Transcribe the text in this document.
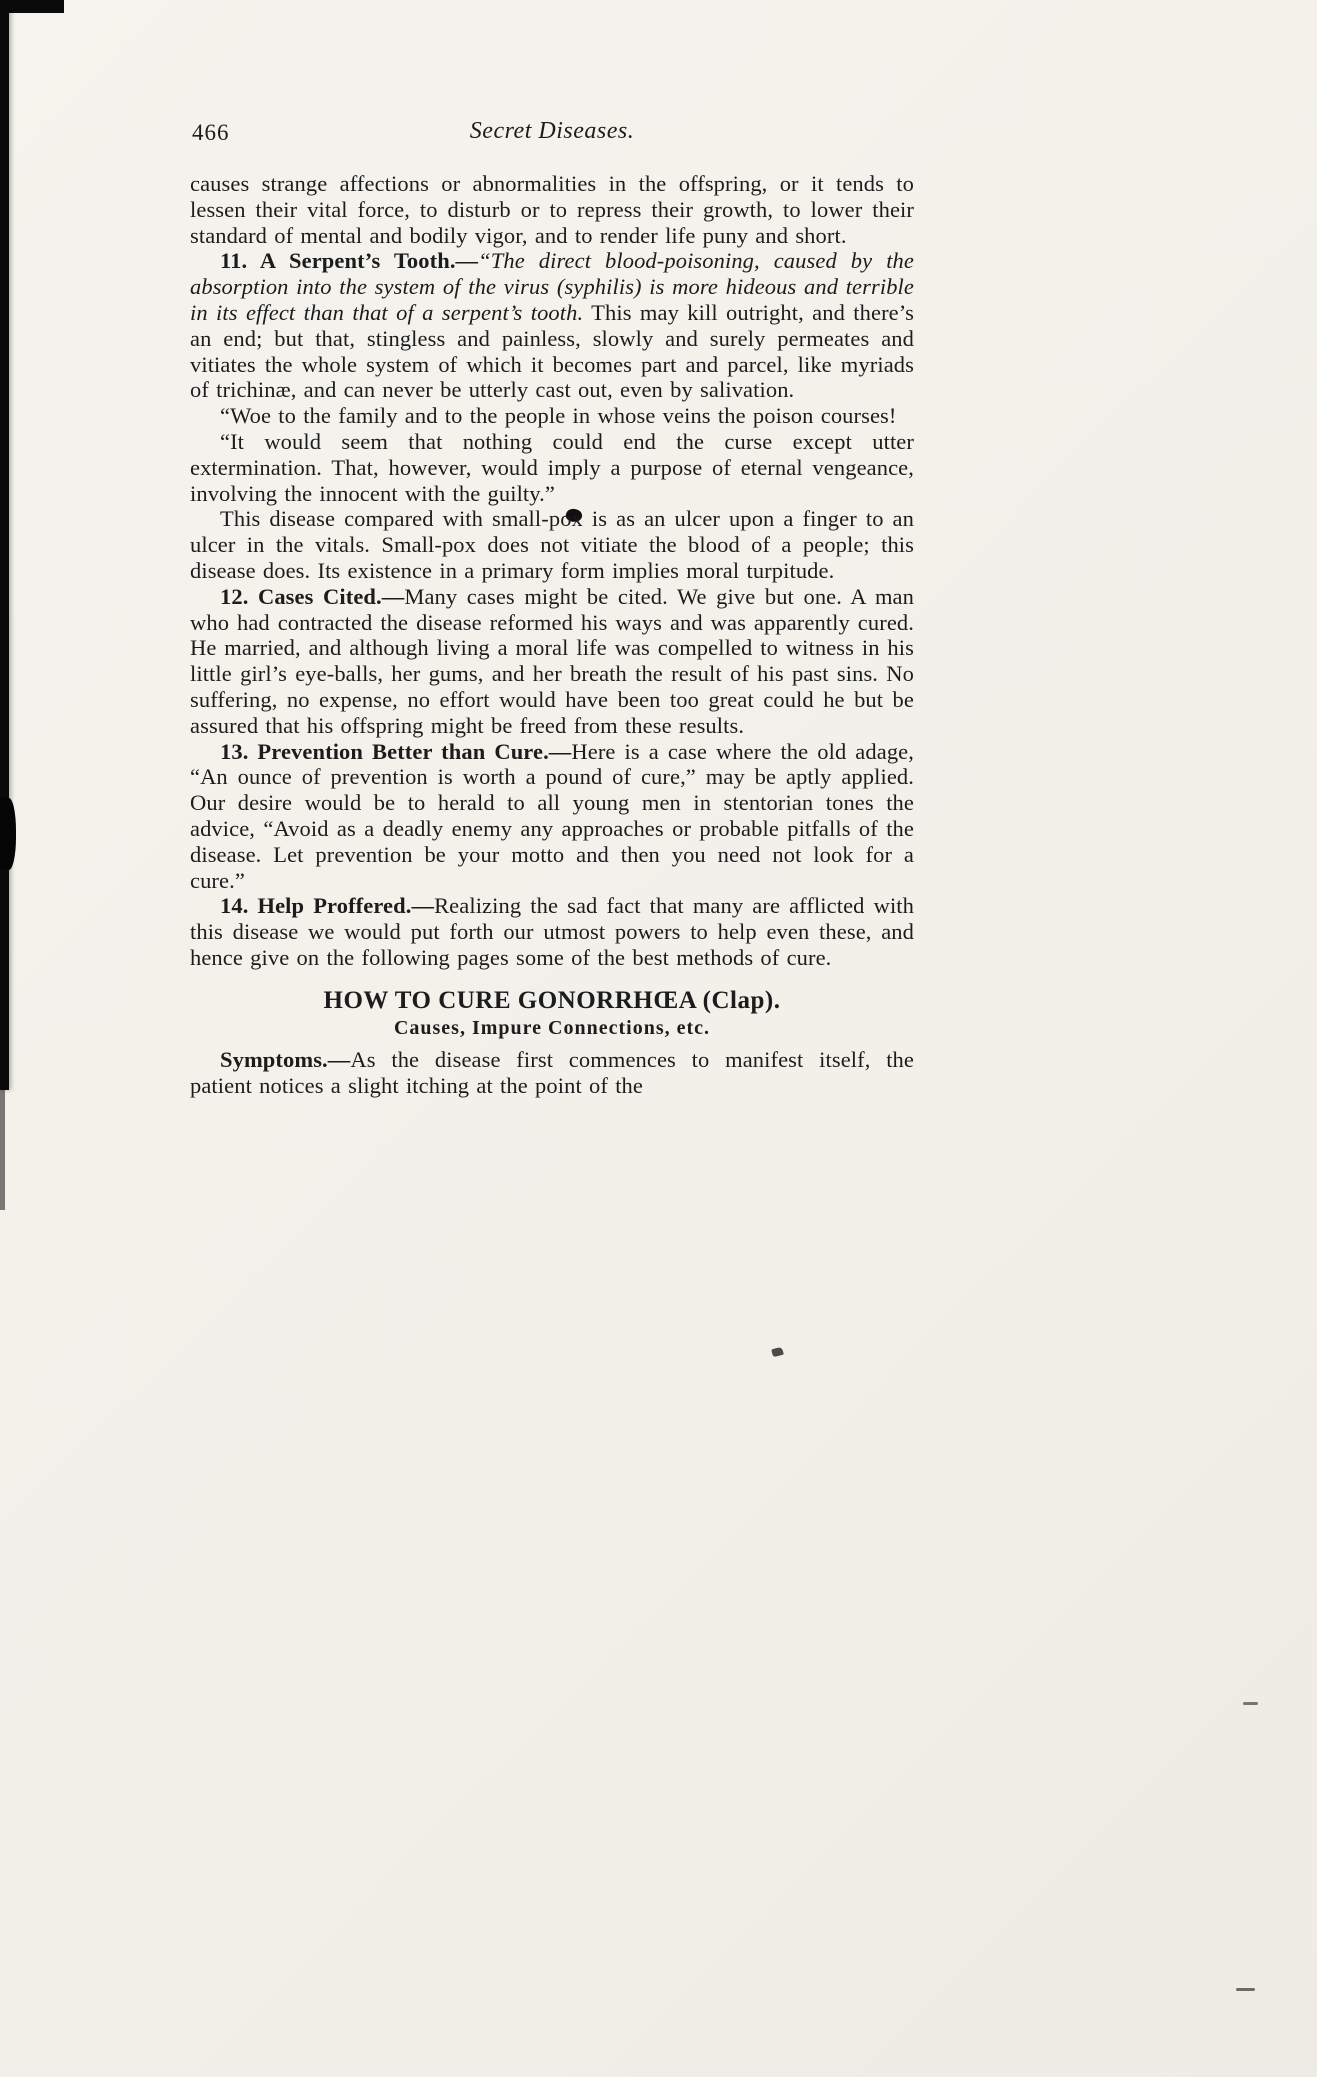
466	Secret Diseases.

causes strange affections or abnormalities in the offspring, or it tends to lessen their vital force, to disturb or to repress their growth, to lower their standard of mental and bodily vigor, and to render life puny and short.

11. A Serpent’s Tooth.—“The direct blood-poisoning, caused by the absorption into the system of the virus (syphilis) is more hideous and terrible in its effect than that of a serpent’s tooth. This may kill outright, and there’s an end; but that, stingless and painless, slowly and surely permeates and vitiates the whole system of which it becomes part and parcel, like myriads of trichinæ, and can never be utterly cast out, even by salivation.

“Woe to the family and to the people in whose veins the poison courses!

“It would seem that nothing could end the curse except utter extermination. That, however, would imply a purpose of eternal vengeance, involving the innocent with the guilty.”

This disease compared with small-pox is as an ulcer upon a finger to an ulcer in the vitals. Small-pox does not vitiate the blood of a people; this disease does. Its existence in a primary form implies moral turpitude.

12. Cases Cited.—Many cases might be cited. We give but one. A man who had contracted the disease reformed his ways and was apparently cured. He married, and although living a moral life was compelled to witness in his little girl’s eye-balls, her gums, and her breath the result of his past sins. No suffering, no expense, no effort would have been too great could he but be assured that his offspring might be freed from these results.

13. Prevention Better than Cure.—Here is a case where the old adage, “An ounce of prevention is worth a pound of cure,” may be aptly applied. Our desire would be to herald to all young men in stentorian tones the advice, “Avoid as a deadly enemy any approaches or probable pitfalls of the disease. Let prevention be your motto and then you need not look for a cure.”

14. Help Proffered.—Realizing the sad fact that many are afflicted with this disease we would put forth our utmost powers to help even these, and hence give on the following pages some of the best methods of cure.

HOW TO CURE GONORRHŒA (Clap).
Causes, Impure Connections, etc.

Symptoms.—As the disease first commences to manifest itself, the patient notices a slight itching at the point of the
